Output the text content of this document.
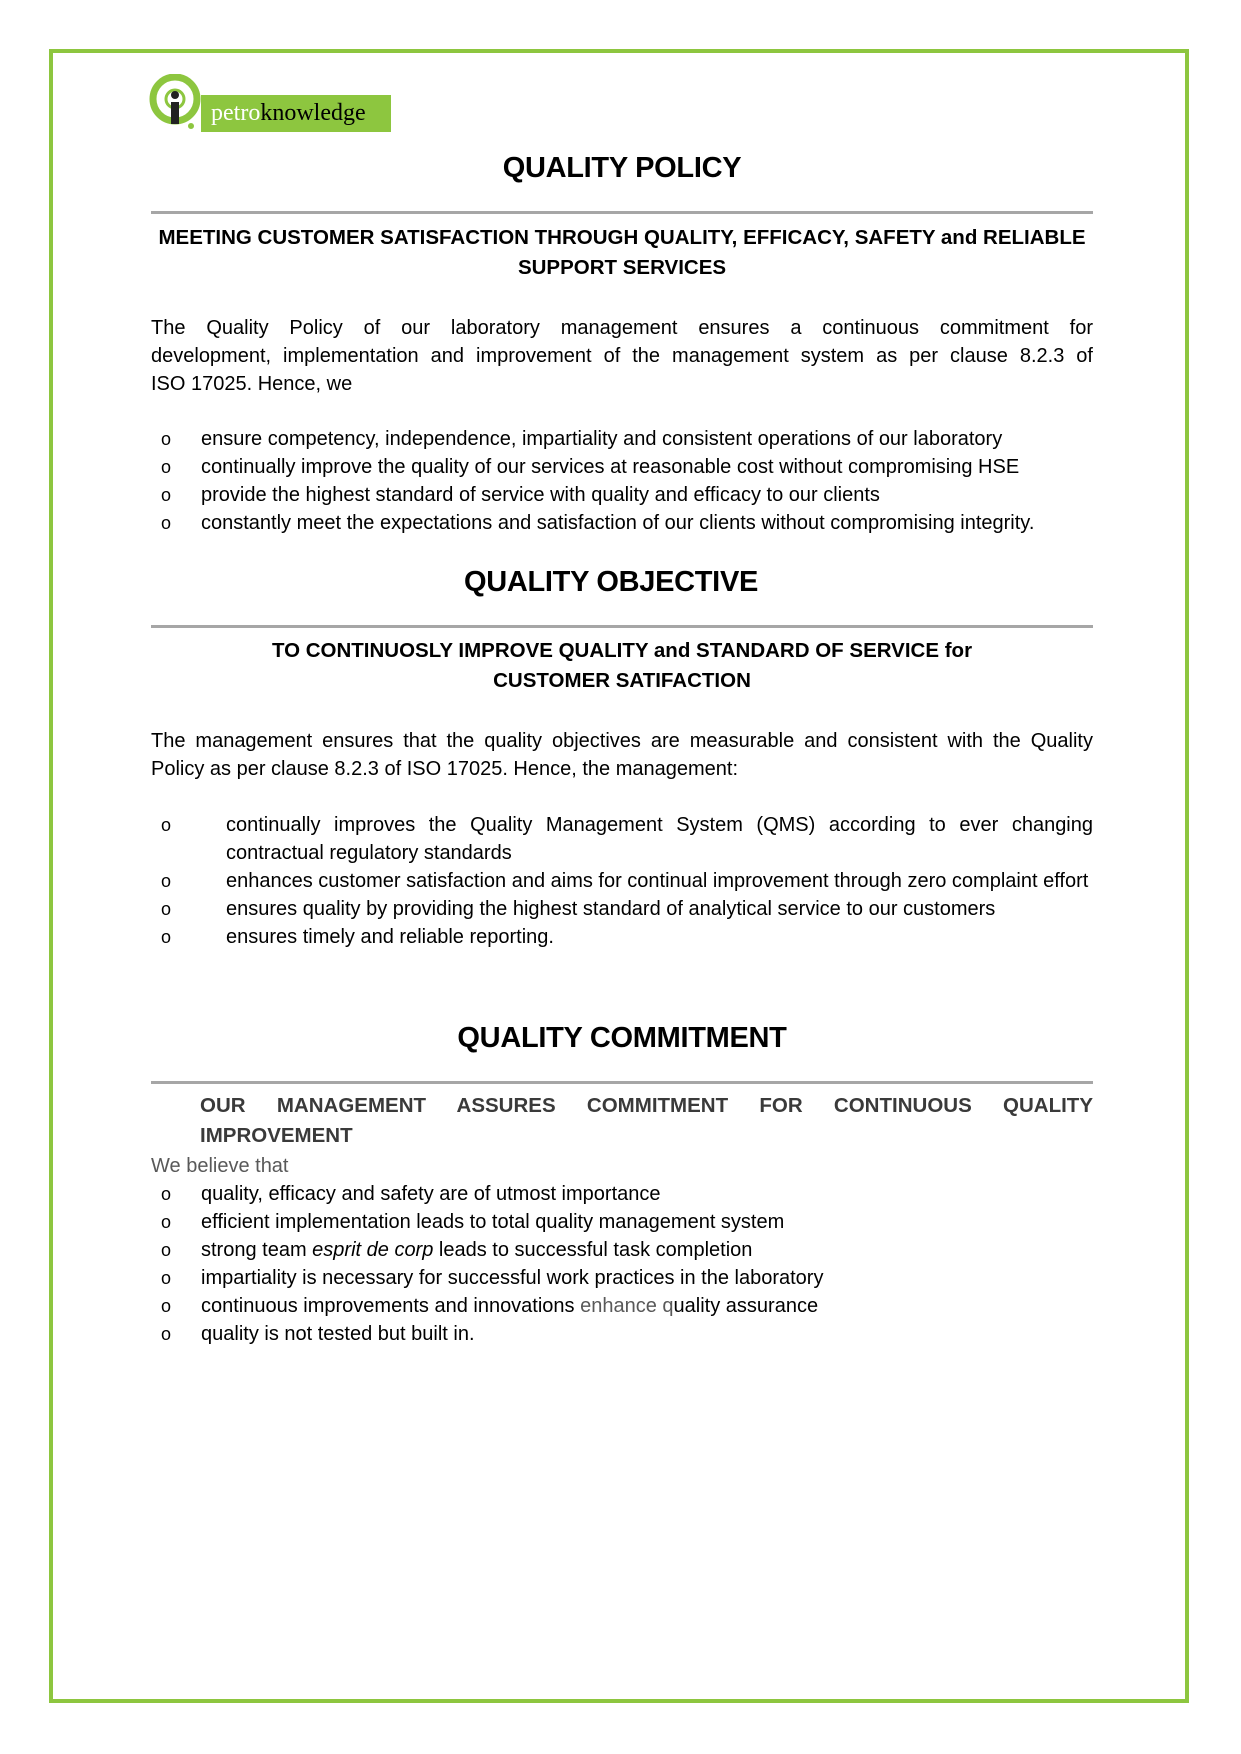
petroknowledge
QUALITY POLICY
MEETING CUSTOMER SATISFACTION THROUGH QUALITY, EFFICACY, SAFETY and RELIABLE SUPPORT SERVICES
The Quality Policy of our laboratory management ensures a continuous commitment for
development, implementation and improvement of the management system as per clause 8.2.3 of
ISO 17025. Hence, we
o ensure competency, independence, impartiality and consistent operations of our laboratory
o continually improve the quality of our services at reasonable cost without compromising HSE
o provide the highest standard of service with quality and efficacy to our clients
o constantly meet the expectations and satisfaction of our clients without compromising integrity.
QUALITY OBJECTIVE
TO CONTINUOSLY IMPROVE QUALITY and STANDARD OF SERVICE for
CUSTOMER SATIFACTION
The management ensures that the quality objectives are measurable and consistent with the Quality Policy as per clause 8.2.3 of ISO 17025. Hence, the management:
o	continually improves the Quality Management System (QMS) according to ever changing contractual regulatory standards
o	enhances customer satisfaction and aims for continual improvement through zero complaint effort
o	ensures quality by providing the highest standard of analytical service to our customers
o	ensures timely and reliable reporting.
QUALITY COMMITMENT
OUR MANAGEMENT ASSURES COMMITMENT FOR CONTINUOUS QUALITY
IMPROVEMENT
We believe that
o quality, efficacy and safety are of utmost importance
o efficient implementation leads to total quality management system
o strong team esprit de corp leads to successful task completion
o impartiality is necessary for successful work practices in the laboratory
o continuous improvements and innovations enhance quality assurance
o quality is not tested but built in.
